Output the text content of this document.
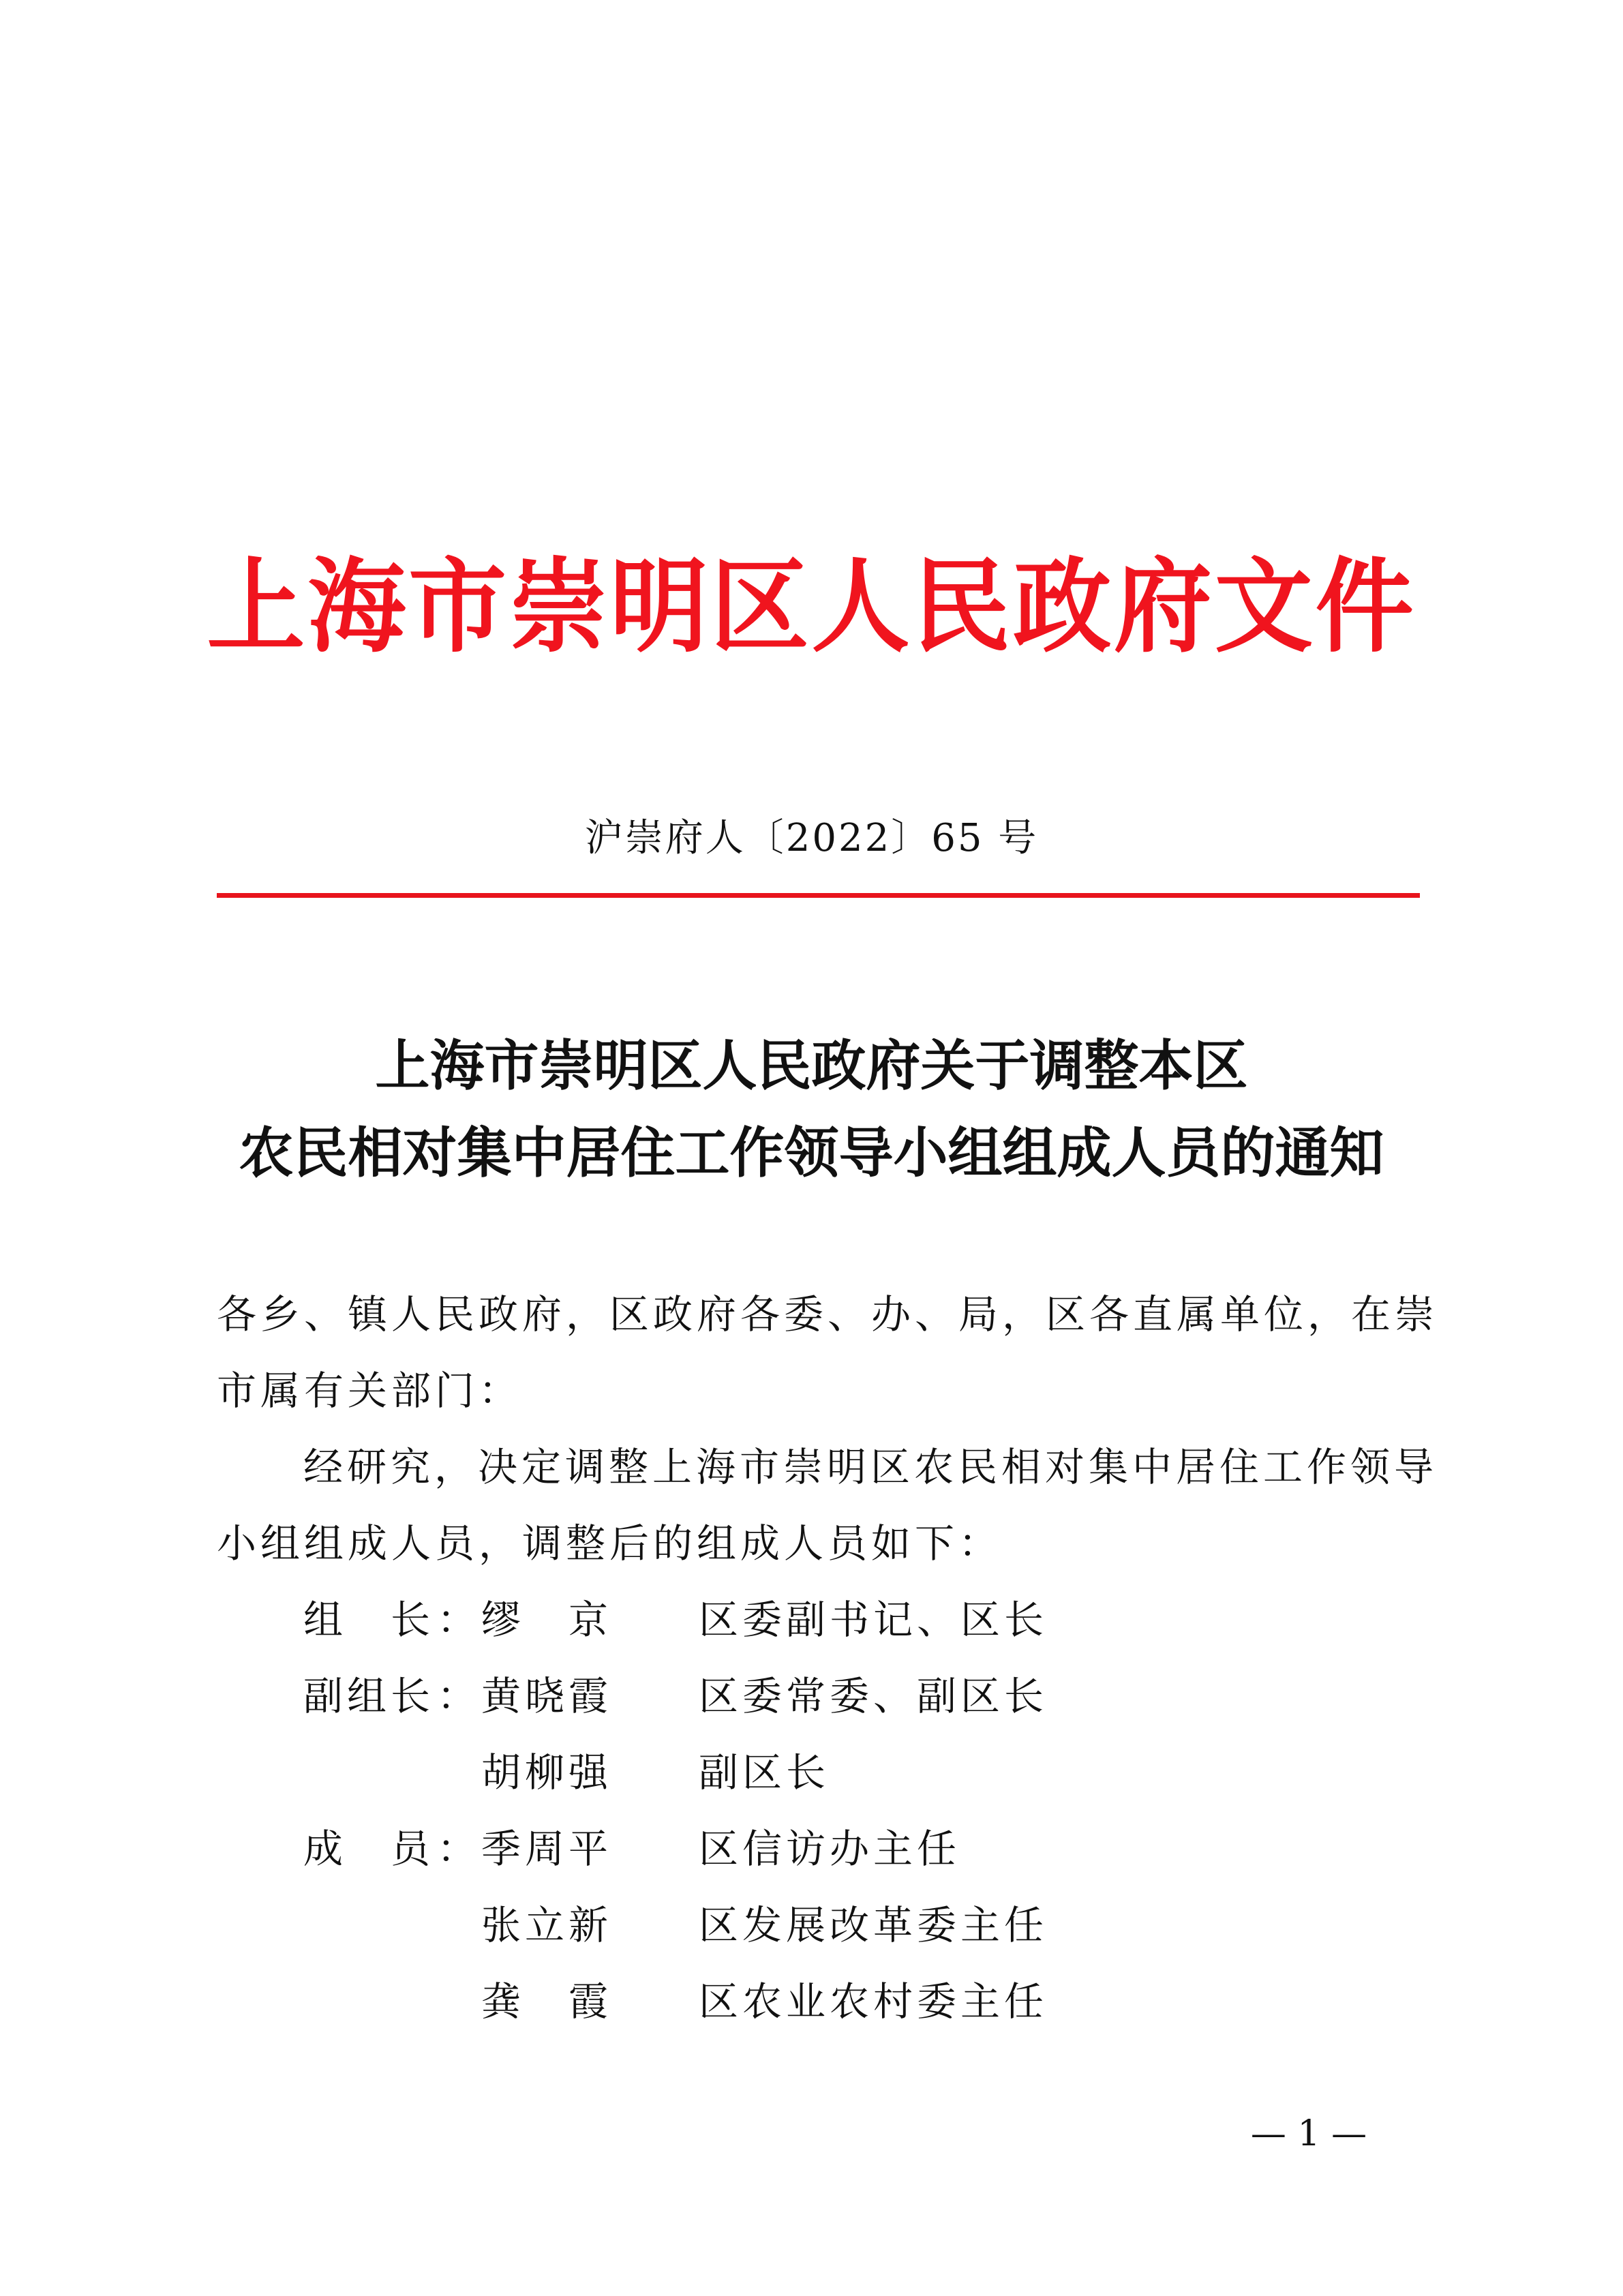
上海市崇明区人民政府文件
沪崇府人〔2022〕65 号
上海市崇明区人民政府关于调整本区
农民相对集中居住工作领导小组组成人员的通知
各乡、镇人民政府，区政府各委、办、局，区各直属单位，在崇
市属有关部门：
经研究，决定调整上海市崇明区农民相对集中居住工作领导
小组组成人员，调整后的组成人员如下：
组　长 ： 缪　京 区委副书记、区长
副组长 ： 黄晓霞 区委常委、副区长
胡柳强 副区长
成　员 ： 季周平 区信访办主任
张立新 区发展改革委主任
龚　霞 区农业农村委主任
— 1 —
